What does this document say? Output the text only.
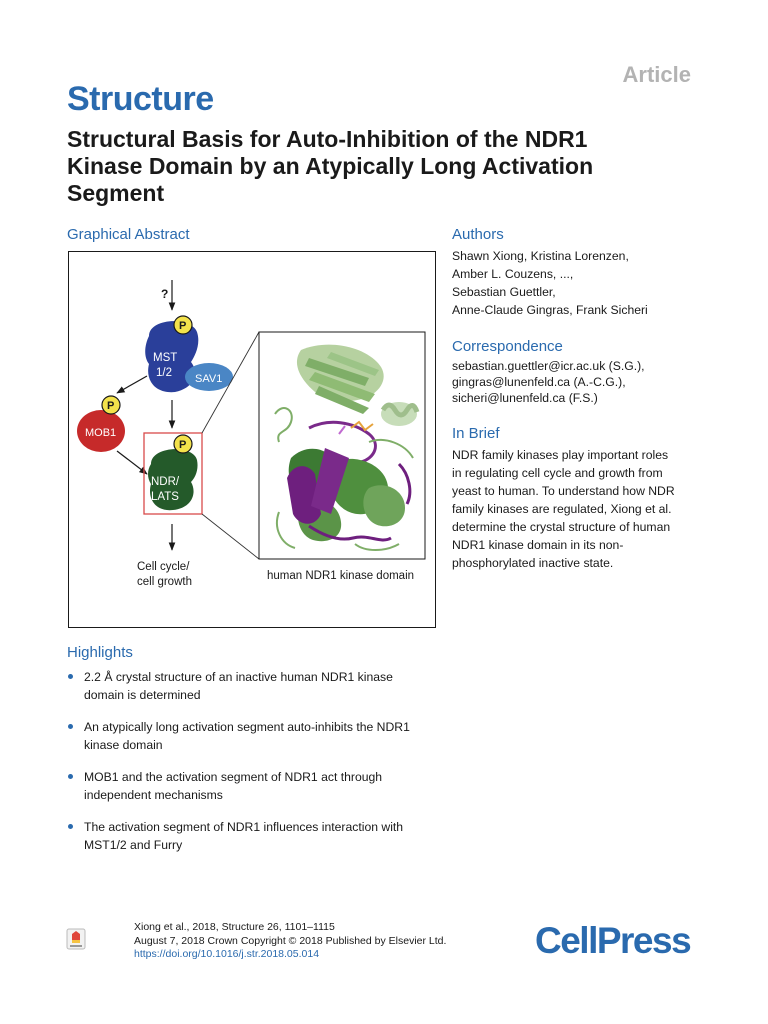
Article
Structure
Structural Basis for Auto-Inhibition of the NDR1 Kinase Domain by an Atypically Long Activation Segment
Graphical Abstract
?
MST
1/2
P
SAV1
MOB1
P
NDR/
LATS
P
Cell cycle/
cell growth	human NDR1 kinase domain
Authors
Shawn Xiong, Kristina Lorenzen,
Amber L. Couzens, ...,
Sebastian Guettler,
Anne-Claude Gingras, Frank Sicheri
Correspondence
sebastian.guettler@icr.ac.uk (S.G.),
gingras@lunenfeld.ca (A.-C.G.),
sicheri@lunenfeld.ca (F.S.)
In Brief
NDR family kinases play important roles
in regulating cell cycle and growth from
yeast to human. To understand how NDR
family kinases are regulated, Xiong et al.
determine the crystal structure of human
NDR1 kinase domain in its non-
phosphorylated inactive state.
Highlights
2.2 Å crystal structure of an inactive human NDR1 kinase
domain is determined
An atypically long activation segment auto-inhibits the NDR1
kinase domain
MOB1 and the activation segment of NDR1 act through
independent mechanisms
The activation segment of NDR1 influences interaction with
MST1/2 and Furry
Xiong et al., 2018, Structure 26, 1101–1115
August 7, 2018 Crown Copyright © 2018 Published by Elsevier Ltd.
https://doi.org/10.1016/j.str.2018.05.014	CellPress
